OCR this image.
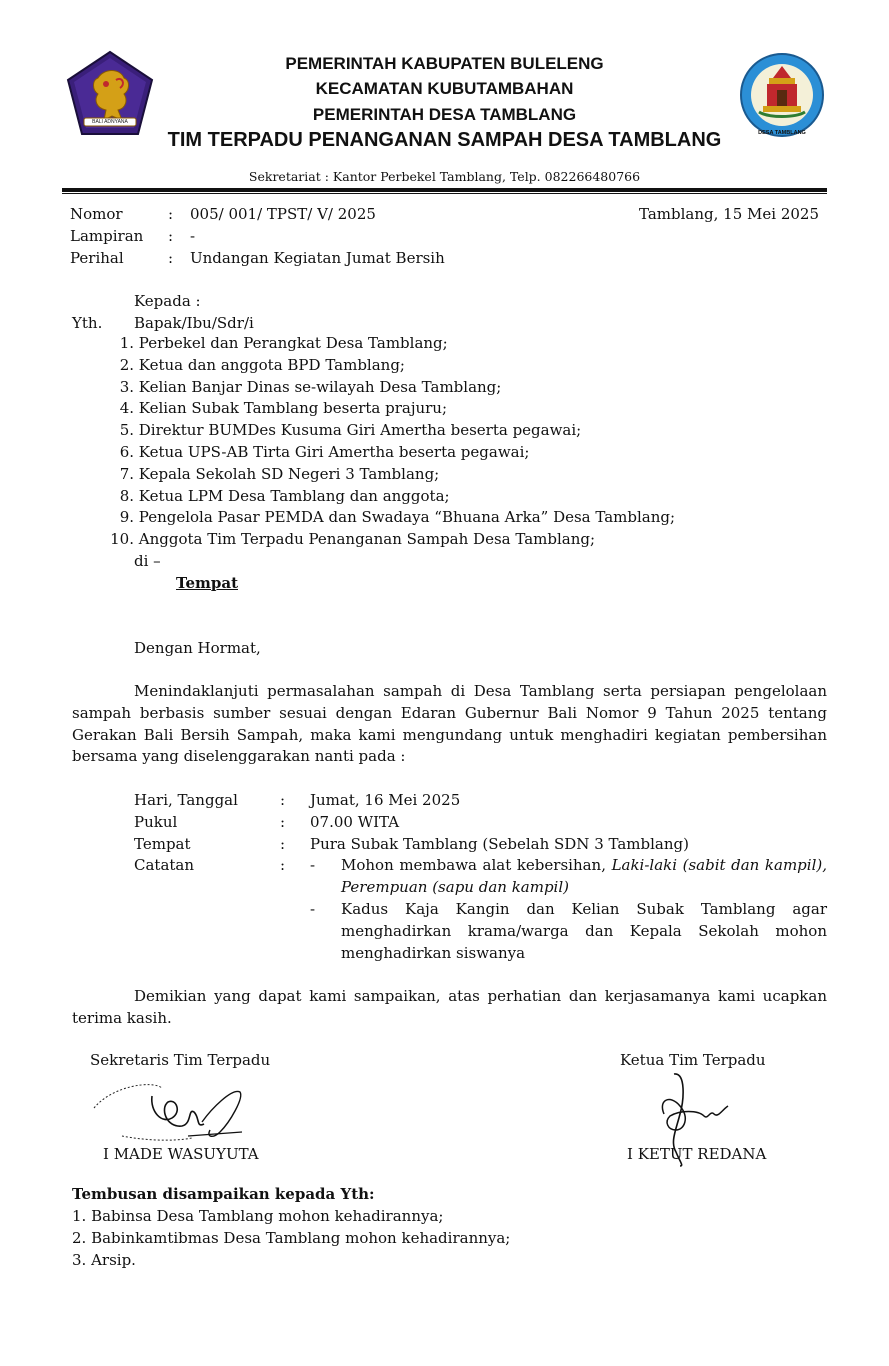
BALI ADNYANA
DESA TAMBLANG
PEMERINTAH KABUPATEN BULELENG
KECAMATAN KUBUTAMBAHAN
PEMERINTAH DESA TAMBLANG
TIM TERPADU PENANGANAN SAMPAH DESA TAMBLANG
Sekretariat : Kantor Perbekel Tamblang, Telp. 082266480766
Nomor	: 005/ 001/ TPST/ V/ 2025
Lampiran : -
Perihal	: Undangan Kegiatan Jumat Bersih
Tamblang, 15 Mei 2025
Kepada :
Yth. Bapak/Ibu/Sdr/i
1. Perbekel dan Perangkat Desa Tamblang;
2. Ketua dan anggota BPD Tamblang;
3. Kelian Banjar Dinas se-wilayah Desa Tamblang;
4. Kelian Subak Tamblang beserta prajuru;
5. Direktur BUMDes Kusuma Giri Amertha beserta pegawai;
6. Ketua UPS-AB Tirta Giri Amertha beserta pegawai;
7. Kepala Sekolah SD Negeri 3 Tamblang;
8. Ketua LPM Desa Tamblang dan anggota;
9. Pengelola Pasar PEMDA dan Swadaya “Bhuana Arka” Desa Tamblang;
10. Anggota Tim Terpadu Penanganan Sampah Desa Tamblang;
di –
Tempat
Dengan Hormat,
Menindaklanjuti permasalahan sampah di Desa Tamblang serta persiapan pengelolaan sampah berbasis sumber sesuai dengan Edaran Gubernur Bali Nomor 9 Tahun 2025 tentang Gerakan Bali Bersih Sampah, maka kami mengundang untuk menghadiri kegiatan pembersihan bersama yang diselenggarakan nanti pada :
Hari, Tanggal	: Jumat, 16 Mei 2025
Pukul	: 07.00 WITA
Tempat	: Pura Subak Tamblang (Sebelah SDN 3 Tamblang)
Catatan	:	- Mohon membawa alat kebersihan, Laki-laki (sabit dan kampil), Perempuan (sapu dan kampil)
- Kadus Kaja Kangin dan Kelian Subak Tamblang agar menghadirkan krama/warga dan Kepala Sekolah mohon menghadirkan siswanya
Demikian yang dapat kami sampaikan, atas perhatian dan kerjasamanya kami ucapkan terima kasih.
Sekretaris Tim Terpadu	Ketua Tim Terpadu
I MADE WASUYUTA	I KETUT REDANA
Tembusan disampaikan kepada Yth:
1. Babinsa Desa Tamblang mohon kehadirannya;
2. Babinkamtibmas Desa Tamblang mohon kehadirannya;
3. Arsip.
